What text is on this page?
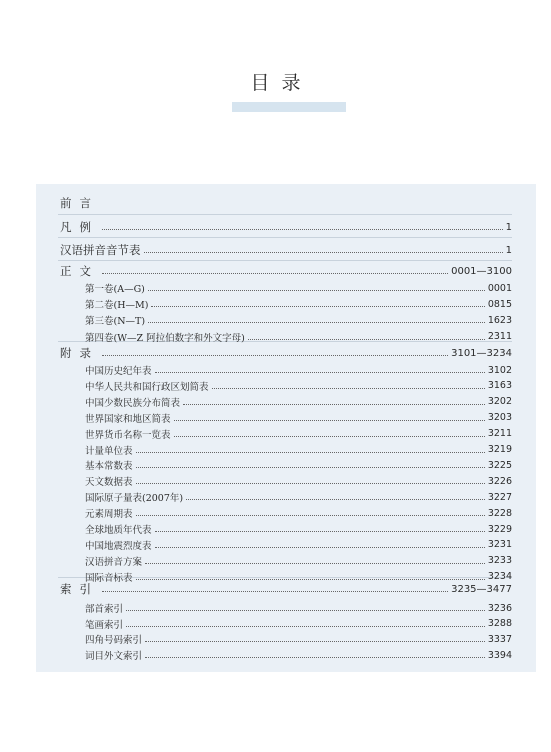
目录
前言
凡例	1
汉语拼音音节表	1
正文	0001—3100
第一卷(A—G)	0001
第二卷(H—M)	0815
第三卷(N—T)	1623
第四卷(W—Z 阿拉伯数字和外文字母)	2311
附录	3101—3234
中国历史纪年表	3102
中华人民共和国行政区划简表	3163
中国少数民族分布简表	3202
世界国家和地区简表	3203
世界货币名称一览表	3211
计量单位表	3219
基本常数表	3225
天文数据表	3226
国际原子量表(2007年)	3227
元素周期表	3228
全球地质年代表	3229
中国地震烈度表	3231
汉语拼音方案	3233
国际音标表	3234
索引	3235—3477
部首索引	3236
笔画索引	3288
四角号码索引	3337
词目外文索引	3394
